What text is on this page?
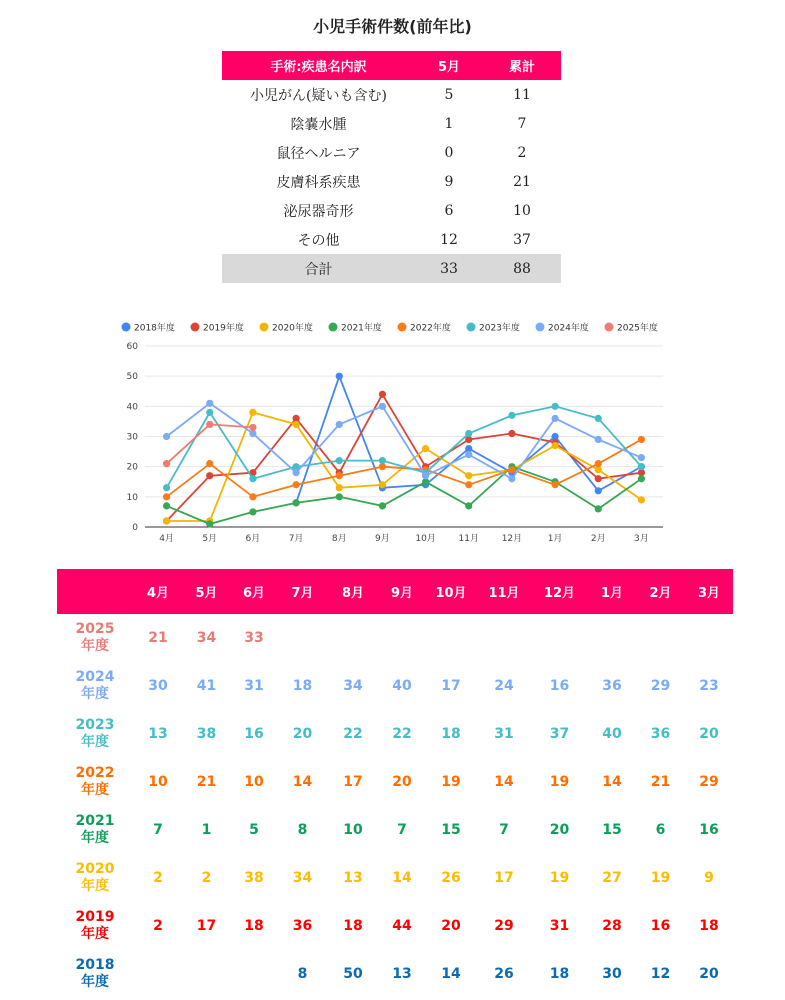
小児手術件数(前年比)
手術:疾患名内訳	5月	累計
小児がん(疑いも含む)	5	11
陰嚢水腫	1	7
鼠径ヘルニア	0	2
皮膚科系疾患	9	21
泌尿器奇形	6	10
その他	12	37
合計	33	88
0
10
20
30
40
50
60
4月	5月	6月	7月	8月	9月	10月	11月	12月	1月	2月	3月
2018年度	2019年度	2020年度	2021年度	2022年度	2023年度	2024年度	2025年度
	4月	5月	6月	7月	8月	9月	10月	11月	12月	1月	2月	3月

2025
年度	21	34	33									

2024
年度	30	41	31	18	34	40	17	24	16	36	29	23

2023
年度	13	38	16	20	22	22	18	31	37	40	36	20

2022
年度	10	21	10	14	17	20	19	14	19	14	21	29

2021
年度	7	1	5	8	10	7	15	7	20	15	6	16

2020
年度	2	2	38	34	13	14	26	17	19	27	19	9

2019
年度	2	17	18	36	18	44	20	29	31	28	16	18

2018
年度				8	50	13	14	26	18	30	12	20
